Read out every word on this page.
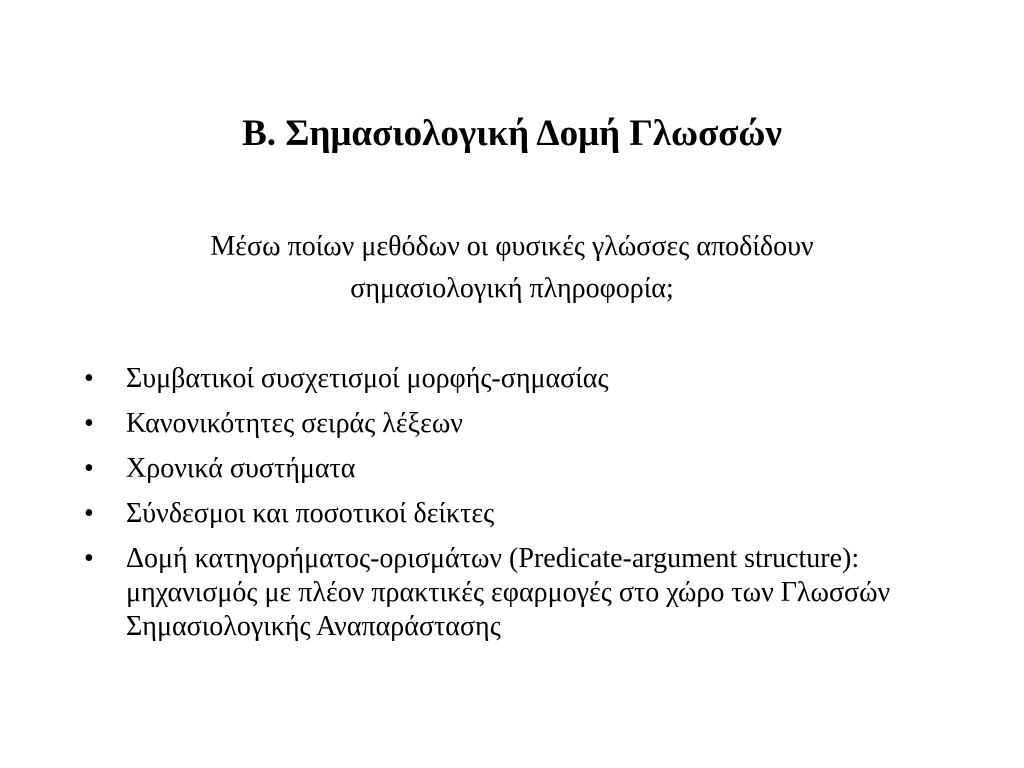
Β. Σημασιολογική Δομή Γλωσσών
Μέσω ποίων μεθόδων οι φυσικές γλώσσες αποδίδουν
σημασιολογική πληροφορία;
•	Συμβατικοί συσχετισμοί μορφής-σημασίας
•	Κανονικότητες σειράς λέξεων
•	Χρονικά συστήματα
•	Σύνδεσμοι και ποσοτικοί δείκτες
•	Δομή κατηγορήματος-ορισμάτων (Predicate-argument structure): μηχανισμός με πλέον πρακτικές εφαρμογές στο χώρο των Γλωσσών Σημασιολογικής Αναπαράστασης
